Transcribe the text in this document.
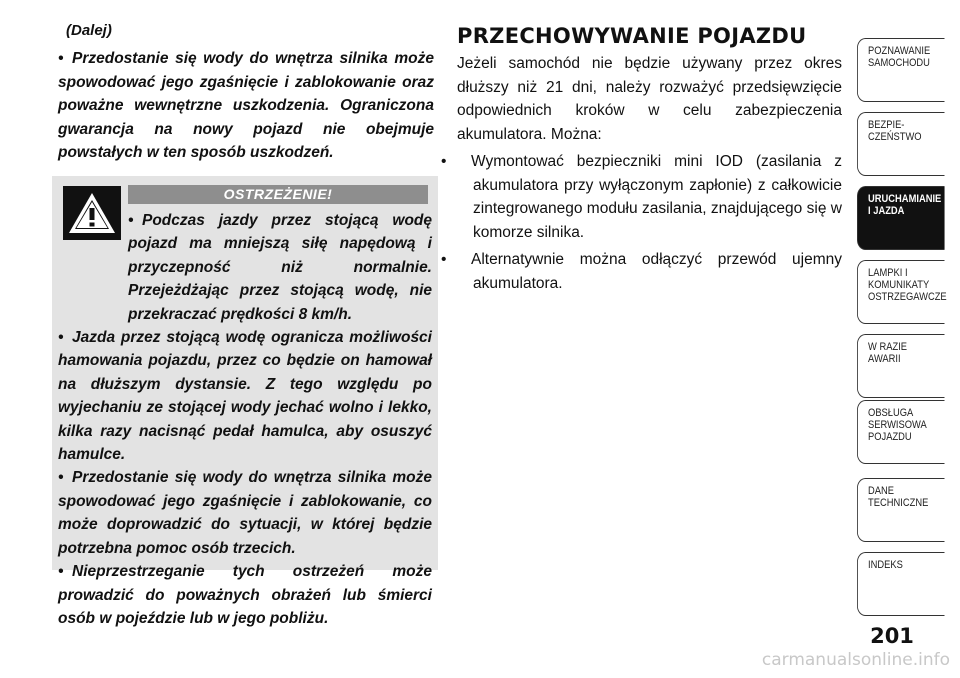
(Dalej)

• Przedostanie się wody do wnętrza silnika może spowodować jego zgaśnięcie i zablokowanie oraz poważne wewnętrzne uszkodzenia. Ograniczona gwarancja na nowy pojazd nie obejmuje powstałych w ten sposób uszkodzeń.

OSTRZEŻENIE!

• Podczas jazdy przez stojącą wodę pojazd ma mniejszą siłę napędową i przyczepność niż normalnie. Przejeżdżając przez stojącą wodę, nie przekraczać prędkości 8 km/h.

• Jazda przez stojącą wodę ogranicza możliwości hamowania pojazdu, przez co będzie on hamował na dłuższym dystansie. Z tego względu po wyjechaniu ze stojącej wody jechać wolno i lekko, kilka razy nacisnąć pedał hamulca, aby osuszyć hamulce.

• Przedostanie się wody do wnętrza silnika może spowodować jego zgaśnięcie i zablokowanie, co może doprowadzić do sytuacji, w której będzie potrzebna pomoc osób trzecich.

• Nieprzestrzeganie tych ostrzeżeń może prowadzić do poważnych obrażeń lub śmierci osób w pojeździe lub w jego pobliżu.

PRZECHOWYWANIE POJAZDU

Jeżeli samochód nie będzie używany przez okres dłuższy niż 21 dni, należy rozważyć przedsięwzięcie odpowiednich kroków w celu zabezpieczenia akumulatora. Można:

• Wymontować bezpieczniki mini IOD (zasilania z akumulatora przy wyłączonym zapłonie) z całkowicie zintegrowanego modułu zasilania, znajdującego się w komorze silnika.

• Alternatywnie można odłączyć przewód ujemny akumulatora.

POZNAWANIE
SAMOCHODU
BEZPIE-
CZEŃSTWO
URUCHAMIANIE
I JAZDA
LAMPKI I
KOMUNIKATY
OSTRZEGAWCZE
W RAZIE
AWARII
OBSŁUGA
SERWISOWA
POJAZDU
DANE
TECHNICZNE
INDEKS
201
carmanualsonline.info
